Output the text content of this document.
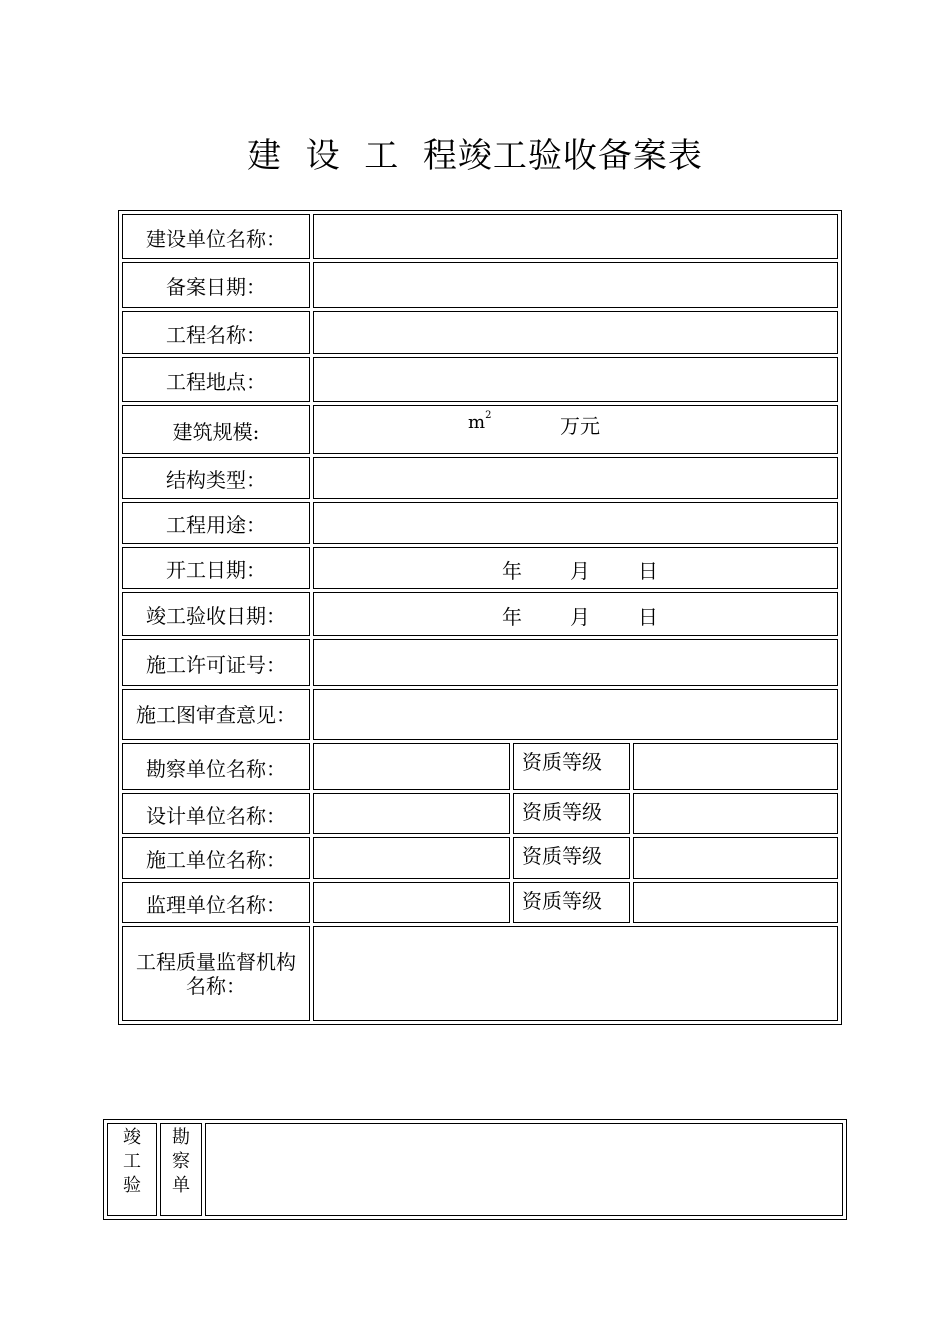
建  设  工  程竣工验收备案表
建设单位名称：			
备案日期：			
工程名称：			
工程地点：			
建筑规模:	$m^2$ 万元		

结构类型：			
工程用途：			
开工日期：	年 月 日		

竣工验收日期：	年 月 日		

施工许可证号：			
施工图审查意见：			
勘察单位名称：		资质等级	
设计单位名称：		资质等级	
施工单位名称：		资质等级	
监理单位名称：		资质等级	
工程质量监督机构名称：			
竣
工
验

勘
察
单
